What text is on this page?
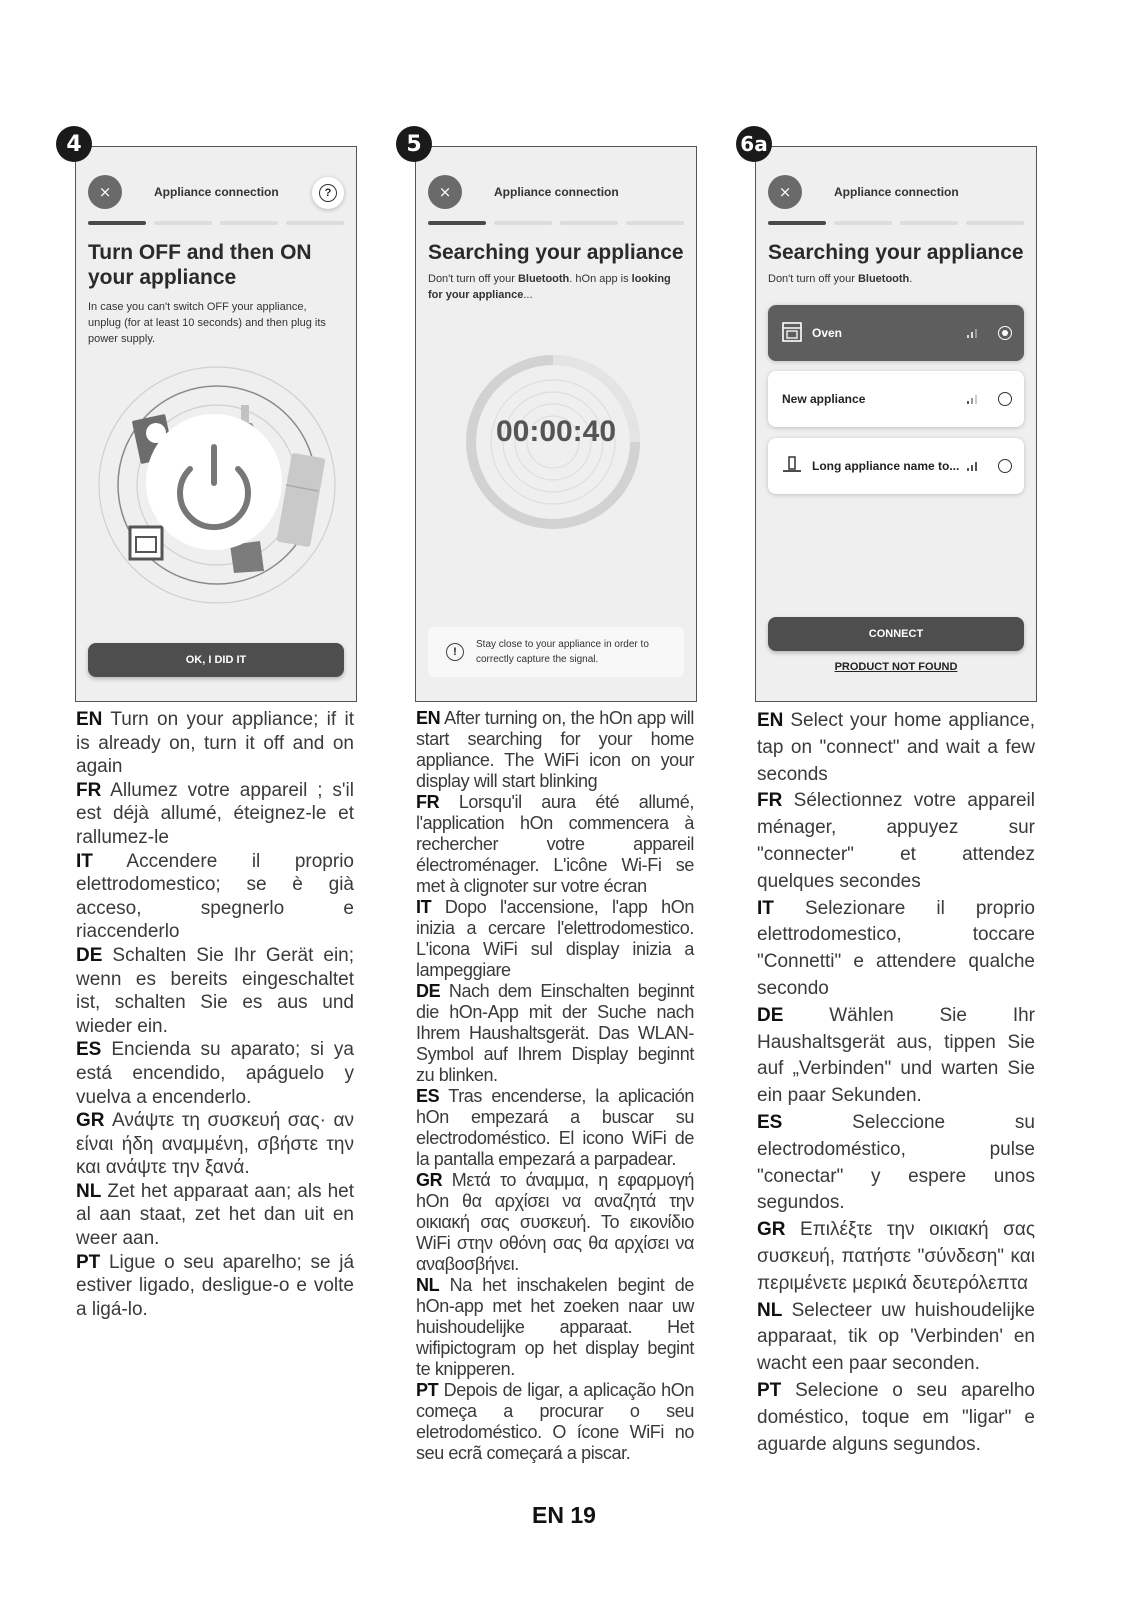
4
×	Appliance connection	?
Turn OFF and then ON your appliance
In case you can't switch OFF your appliance, unplug (for at least 10 seconds) and then plug its power supply.
OK, I DID IT
5
×	Appliance connection
Searching your appliance
Don't turn off your Bluetooth. hOn app is looking for your appliance...
00:00:40
!
Stay close to your appliance in order to correctly capture the signal.
6a
×	Appliance connection
Searching your appliance
Don't turn off your Bluetooth.
Oven
New appliance
Long appliance name to...
CONNECT
PRODUCT NOT FOUND

EN Turn on your appliance; if it is already on, turn it off and on again

FR Allumez votre appareil ; s'il est déjà allumé, éteignez-le et rallumez-le

IT Accendere il proprio elettrodomestico; se è già acceso, spegnerlo e riaccenderlo

DE Schalten Sie Ihr Gerät ein; wenn es bereits eingeschaltet ist, schalten Sie es aus und wieder ein.

ES Encienda su aparato; si ya está encendido, apáguelo y vuelva a encenderlo.

GR Ανάψτε τη συσκευή σας· αν είναι ήδη αναμμένη, σβήστε την και ανάψτε την ξανά.

NL Zet het apparaat aan; als het al aan staat, zet het dan uit en weer aan.

PT Ligue o seu aparelho; se já estiver ligado, desligue-o e volte a ligá-lo.

EN After turning on, the hOn app will start searching for your home appliance. The WiFi icon on your display will start blinking

FR Lorsqu'il aura été allumé, l'application hOn commencera à rechercher votre appareil électroménager. L'icône Wi-Fi se met à clignoter sur votre écran

IT Dopo l'accensione, l'app hOn inizia a cercare l'elettrodomestico. L'icona WiFi sul display inizia a lampeggiare

DE Nach dem Einschalten beginnt die hOn-App mit der Suche nach Ihrem Haushaltsgerät. Das WLAN-Symbol auf Ihrem Display beginnt zu blinken.

ES Tras encenderse, la aplicación hOn empezará a buscar su electrodoméstico. El icono WiFi de la pantalla empezará a parpadear.

GR Μετά το άναμμα, η εφαρμογή hOn θα αρχίσει να αναζητά την οικιακή σας συσκευή. Το εικονίδιο WiFi στην οθόνη σας θα αρχίσει να αναβοσβήνει.

NL Na het inschakelen begint de hOn-app met het zoeken naar uw huishoudelijke apparaat. Het wifipictogram op het display begint te knipperen.

PT Depois de ligar, a aplicação hOn começa a procurar o seu eletrodoméstico. O ícone WiFi no seu ecrã começará a piscar.

EN Select your home appliance, tap on "connect" and wait a few seconds

FR Sélectionnez votre appareil ménager, appuyez sur "connecter" et attendez quelques secondes

IT Selezionare il proprio elettrodomestico, toccare "Connetti" e attendere qualche secondo

DE Wählen Sie Ihr Haushaltsgerät aus, tippen Sie auf „Verbinden" und warten Sie ein paar Sekunden.

ES	Seleccione su electrodoméstico, pulse "conectar" y espere unos segundos.

GR Επιλέξτε την οικιακή σας συσκευή, πατήστε "σύνδεση" και περιμένετε μερικά δευτερόλεπτα

NL Selecteer uw huishoudelijke apparaat, tik op 'Verbinden' en wacht een paar seconden.

PT Selecione o seu aparelho doméstico, toque em "ligar" e aguarde alguns segundos.

EN 19
